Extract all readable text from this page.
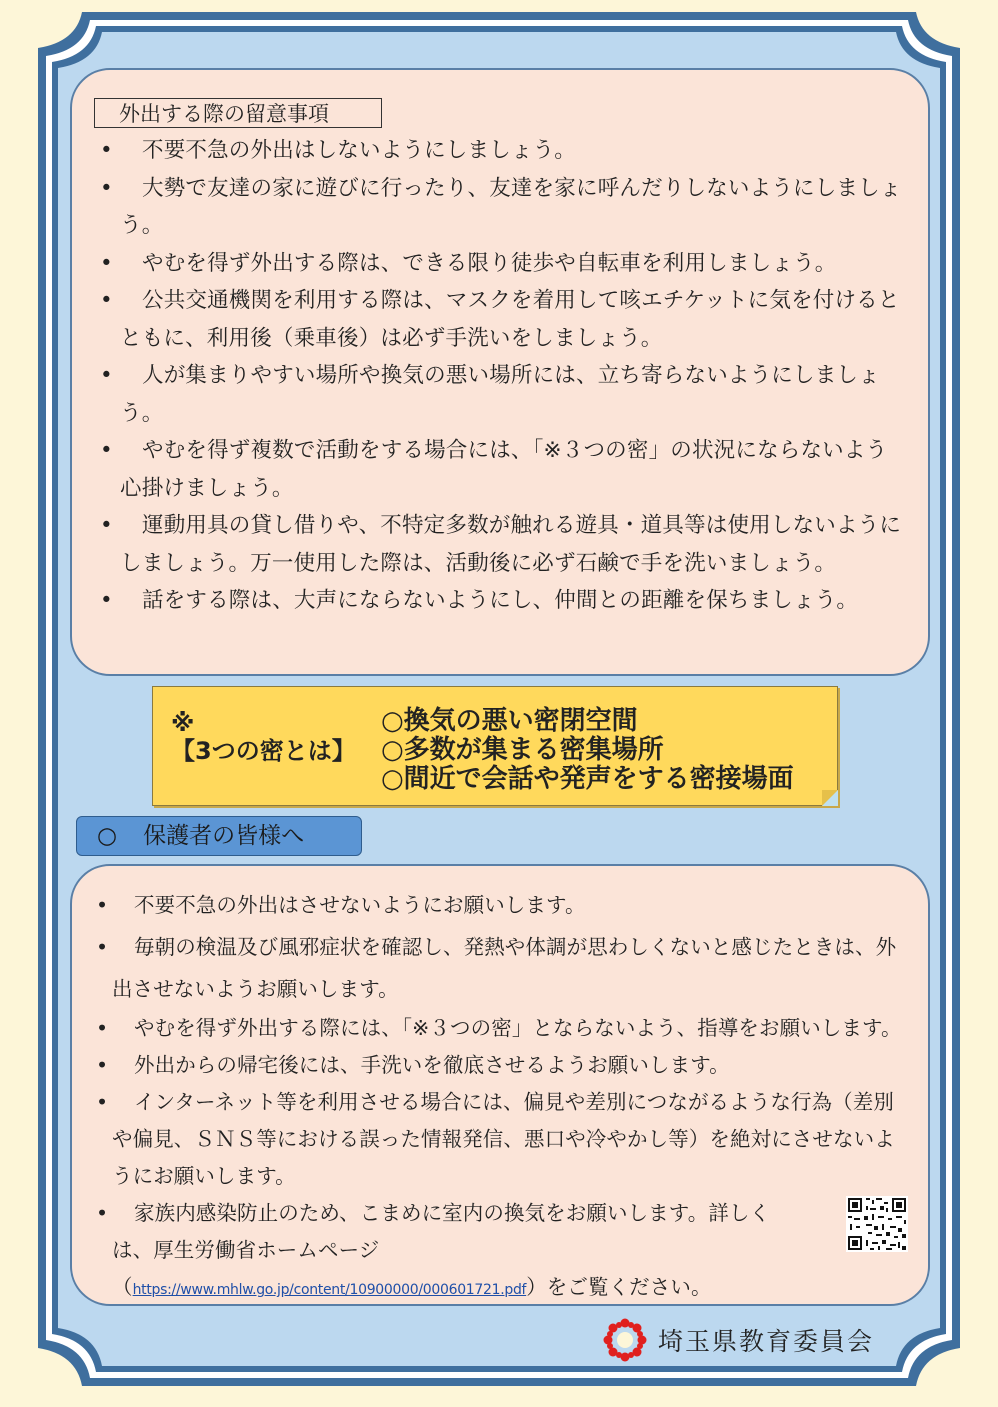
外出する際の留意事項
• 不要不急の外出はしないようにしましょう。
• 大勢で友達の家に遊びに行ったり、友達を家に呼んだりしないようにしましょう。
• やむを得ず外出する際は、できる限り徒歩や自転車を利用しましょう。
• 公共交通機関を利用する際は、マスクを着用して咳エチケットに気を付けるとともに、利用後（乗車後）は必ず手洗いをしましょう。
• 人が集まりやすい場所や換気の悪い場所には、立ち寄らないようにしましょう。
• やむを得ず複数で活動をする場合には、「※３つの密」の状況にならないよう心掛けましょう。
• 運動用具の貸し借りや、不特定多数が触れる遊具・道具等は使用しないようにしましょう。万一使用した際は、活動後に必ず石鹸で手を洗いましょう。
• 話をする際は、大声にならないようにし、仲間との距離を保ちましょう。
※
【3つの密とは】
○換気の悪い密閉空間
○多数が集まる密集場所
○間近で会話や発声をする密接場面
○ 保護者の皆様へ
• 不要不急の外出はさせないようにお願いします。
• 毎朝の検温及び風邪症状を確認し、発熱や体調が思わしくないと感じたときは、外出させないようお願いします。
• やむを得ず外出する際には、「※３つの密」とならないよう、指導をお願いします。
• 外出からの帰宅後には、手洗いを徹底させるようお願いします。
• インターネット等を利用させる場合には、偏見や差別につながるような行為（差別や偏見、ＳＮＳ等における誤った情報発信、悪口や冷やかし等）を絶対にさせないようにお願いします。
• 家族内感染防止のため、こまめに室内の換気をお願いします。詳しくは、厚生労働省ホームページ（https://www.mhlw.go.jp/content/10900000/000601721.pdf）をご覧ください。
埼玉県教育委員会
